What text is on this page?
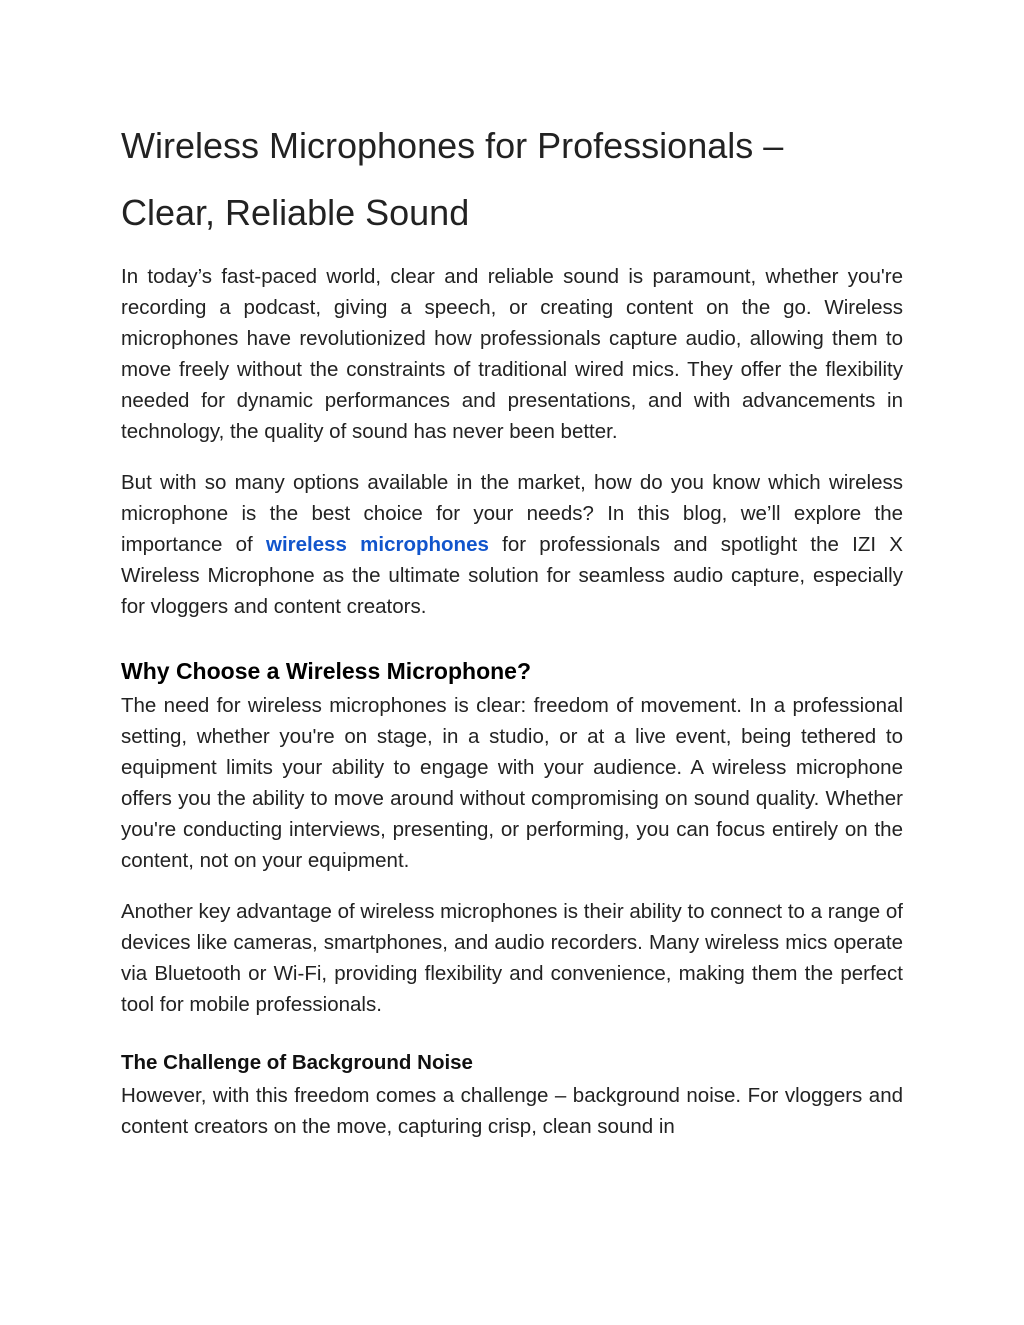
Wireless Microphones for Professionals –
Clear, Reliable Sound

In today’s fast-paced world, clear and reliable sound is paramount, whether you're recording a podcast, giving a speech, or creating content on the go. Wireless microphones have revolutionized how professionals capture audio, allowing them to move freely without the constraints of traditional wired mics. They offer the flexibility needed for dynamic performances and presentations, and with advancements in technology, the quality of sound has never been better.

But with so many options available in the market, how do you know which wireless microphone is the best choice for your needs? In this blog, we’ll explore the importance of wireless microphones for professionals and spotlight the IZI X Wireless Microphone as the ultimate solution for seamless audio capture, especially for vloggers and content creators.

Why Choose a Wireless Microphone?

The need for wireless microphones is clear: freedom of movement. In a professional setting, whether you're on stage, in a studio, or at a live event, being tethered to equipment limits your ability to engage with your audience. A wireless microphone offers you the ability to move around without compromising on sound quality. Whether you're conducting interviews, presenting, or performing, you can focus entirely on the content, not on your equipment.

Another key advantage of wireless microphones is their ability to connect to a range of devices like cameras, smartphones, and audio recorders. Many wireless mics operate via Bluetooth or Wi-Fi, providing flexibility and convenience, making them the perfect tool for mobile professionals.

The Challenge of Background Noise

However, with this freedom comes a challenge – background noise. For vloggers and content creators on the move, capturing crisp, clean sound in
